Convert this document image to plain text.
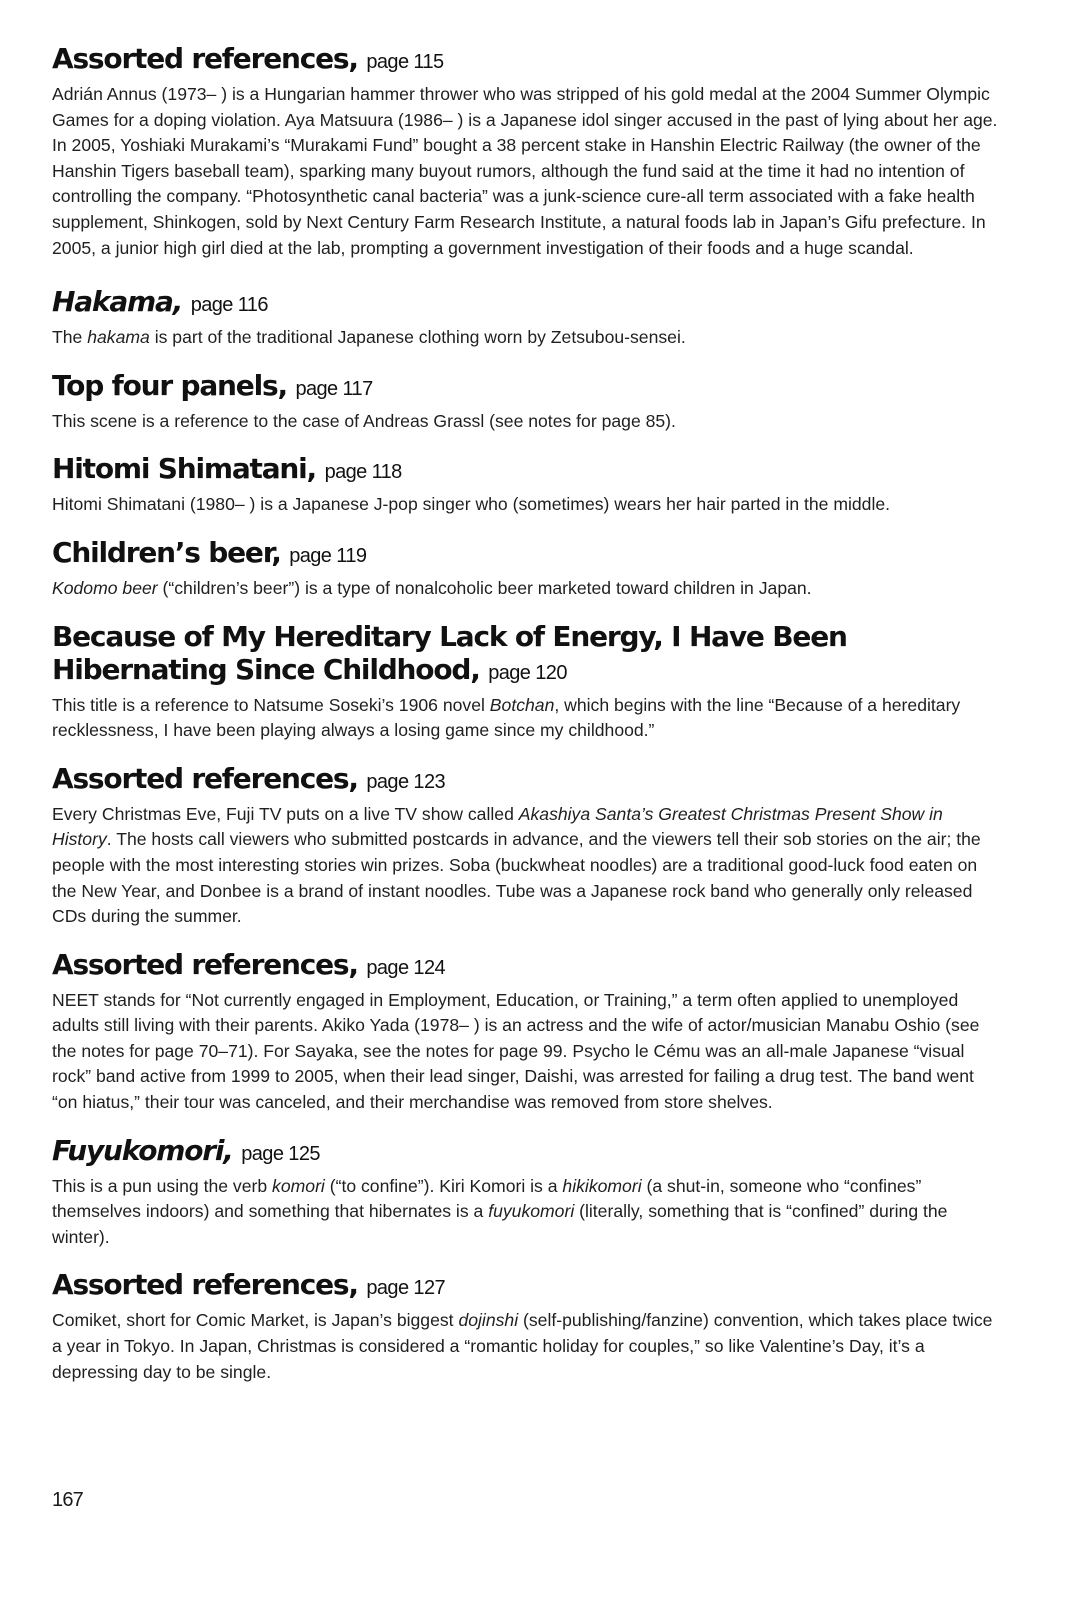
Assorted references, page 115

Adrián Annus (1973– ) is a Hungarian hammer thrower who was stripped of his gold medal at the 2004 Summer Olympic Games for a doping violation. Aya Matsuura (1986– ) is a Japanese idol singer accused in the past of lying about her age. In 2005, Yoshiaki Murakami’s “Murakami Fund” bought a 38 percent stake in Hanshin Electric Railway (the owner of the Hanshin Tigers baseball team), sparking many buyout rumors, although the fund said at the time it had no intention of controlling the company. “Photosynthetic canal bacteria” was a junk-science cure-all term associated with a fake health supplement, Shinkogen, sold by Next Century Farm Research Institute, a natural foods lab in Japan’s Gifu prefecture. In 2005, a junior high girl died at the lab, prompting a government investigation of their foods and a huge scandal.

Hakama, page 116

The hakama is part of the traditional Japanese clothing worn by Zetsubou-sensei.

Top four panels, page 117

This scene is a reference to the case of Andreas Grassl (see notes for page 85).

Hitomi Shimatani, page 118

Hitomi Shimatani (1980– ) is a Japanese J-pop singer who (sometimes) wears her hair parted in the middle.

Children’s beer, page 119

Kodomo beer (“children’s beer”) is a type of nonalcoholic beer marketed toward children in Japan.

Because of My Hereditary Lack of Energy, I Have Been Hibernating Since Childhood, page 120

This title is a reference to Natsume Soseki’s 1906 novel Botchan, which begins with the line “Because of a hereditary recklessness, I have been playing always a losing game since my childhood.”

Assorted references, page 123

Every Christmas Eve, Fuji TV puts on a live TV show called Akashiya Santa’s Greatest Christmas Present Show in History. The hosts call viewers who submitted postcards in advance, and the viewers tell their sob stories on the air; the people with the most interesting stories win prizes. Soba (buckwheat noodles) are a traditional good-luck food eaten on the New Year, and Donbee is a brand of instant noodles. Tube was a Japanese rock band who generally only released CDs during the summer.

Assorted references, page 124

NEET stands for “Not currently engaged in Employment, Education, or Training,” a term often applied to unemployed adults still living with their parents. Akiko Yada (1978– ) is an actress and the wife of actor/musician Manabu Oshio (see the notes for page 70–71). For Sayaka, see the notes for page 99. Psycho le Cému was an all-male Japanese “visual rock” band active from 1999 to 2005, when their lead singer, Daishi, was arrested for failing a drug test. The band went “on hiatus,” their tour was canceled, and their merchandise was removed from store shelves.

Fuyukomori, page 125

This is a pun using the verb komori (“to confine”). Kiri Komori is a hikikomori (a shut-in, someone who “confines” themselves indoors) and something that hibernates is a fuyukomori (literally, something that is “confined” during the winter).

Assorted references, page 127

Comiket, short for Comic Market, is Japan’s biggest dojinshi (self-publishing/fanzine) convention, which takes place twice a year in Tokyo. In Japan, Christmas is considered a “romantic holiday for couples,” so like Valentine’s Day, it’s a depressing day to be single.

167
